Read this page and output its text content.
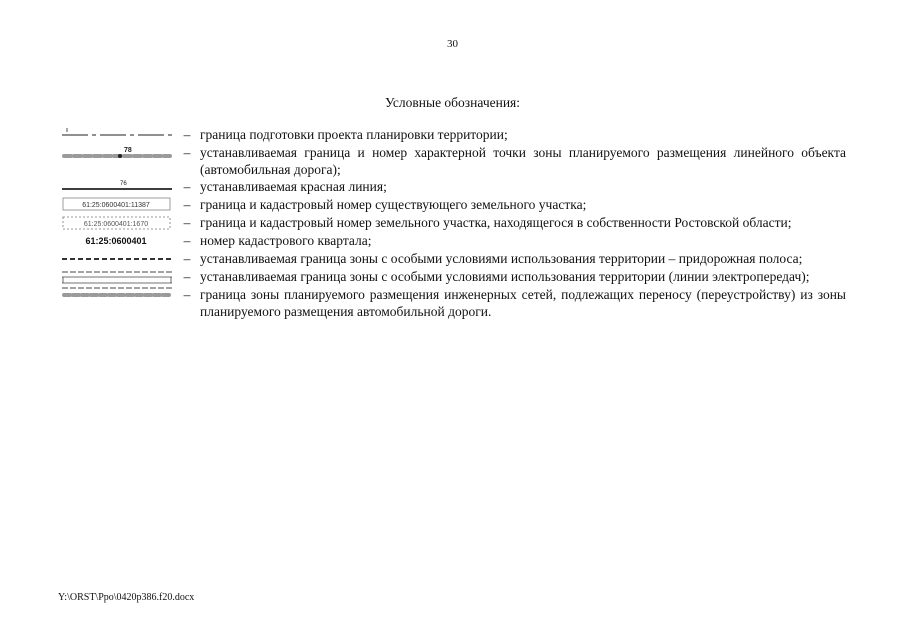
30
Условные обозначения:
– граница подготовки проекта планировки территории;
78	– устанавливаемая граница и номер характерной точки зоны планируемого размещения линейного объекта (автомобильная дорога);
76	– устанавливаемая красная линия;
61:25:0600401:11387	– граница и кадастровый номер существующего земельного участка;
61:25:0600401:1670	– граница и кадастровый номер земельного участка, находящегося в собственности Ростовской области;
61:25:0600401	– номер кадастрового квартала;
– устанавливаемая граница зоны с особыми условиями использования территории – придорожная полоса;
– устанавливаемая граница зоны с особыми условиями использования территории (линии электропередач);
– граница зоны планируемого размещения инженерных сетей, подлежащих переносу (переустройству) из зоны планируемого размещения автомобильной дороги.
Y:\ORST\Ppo\0420p386.f20.docx
